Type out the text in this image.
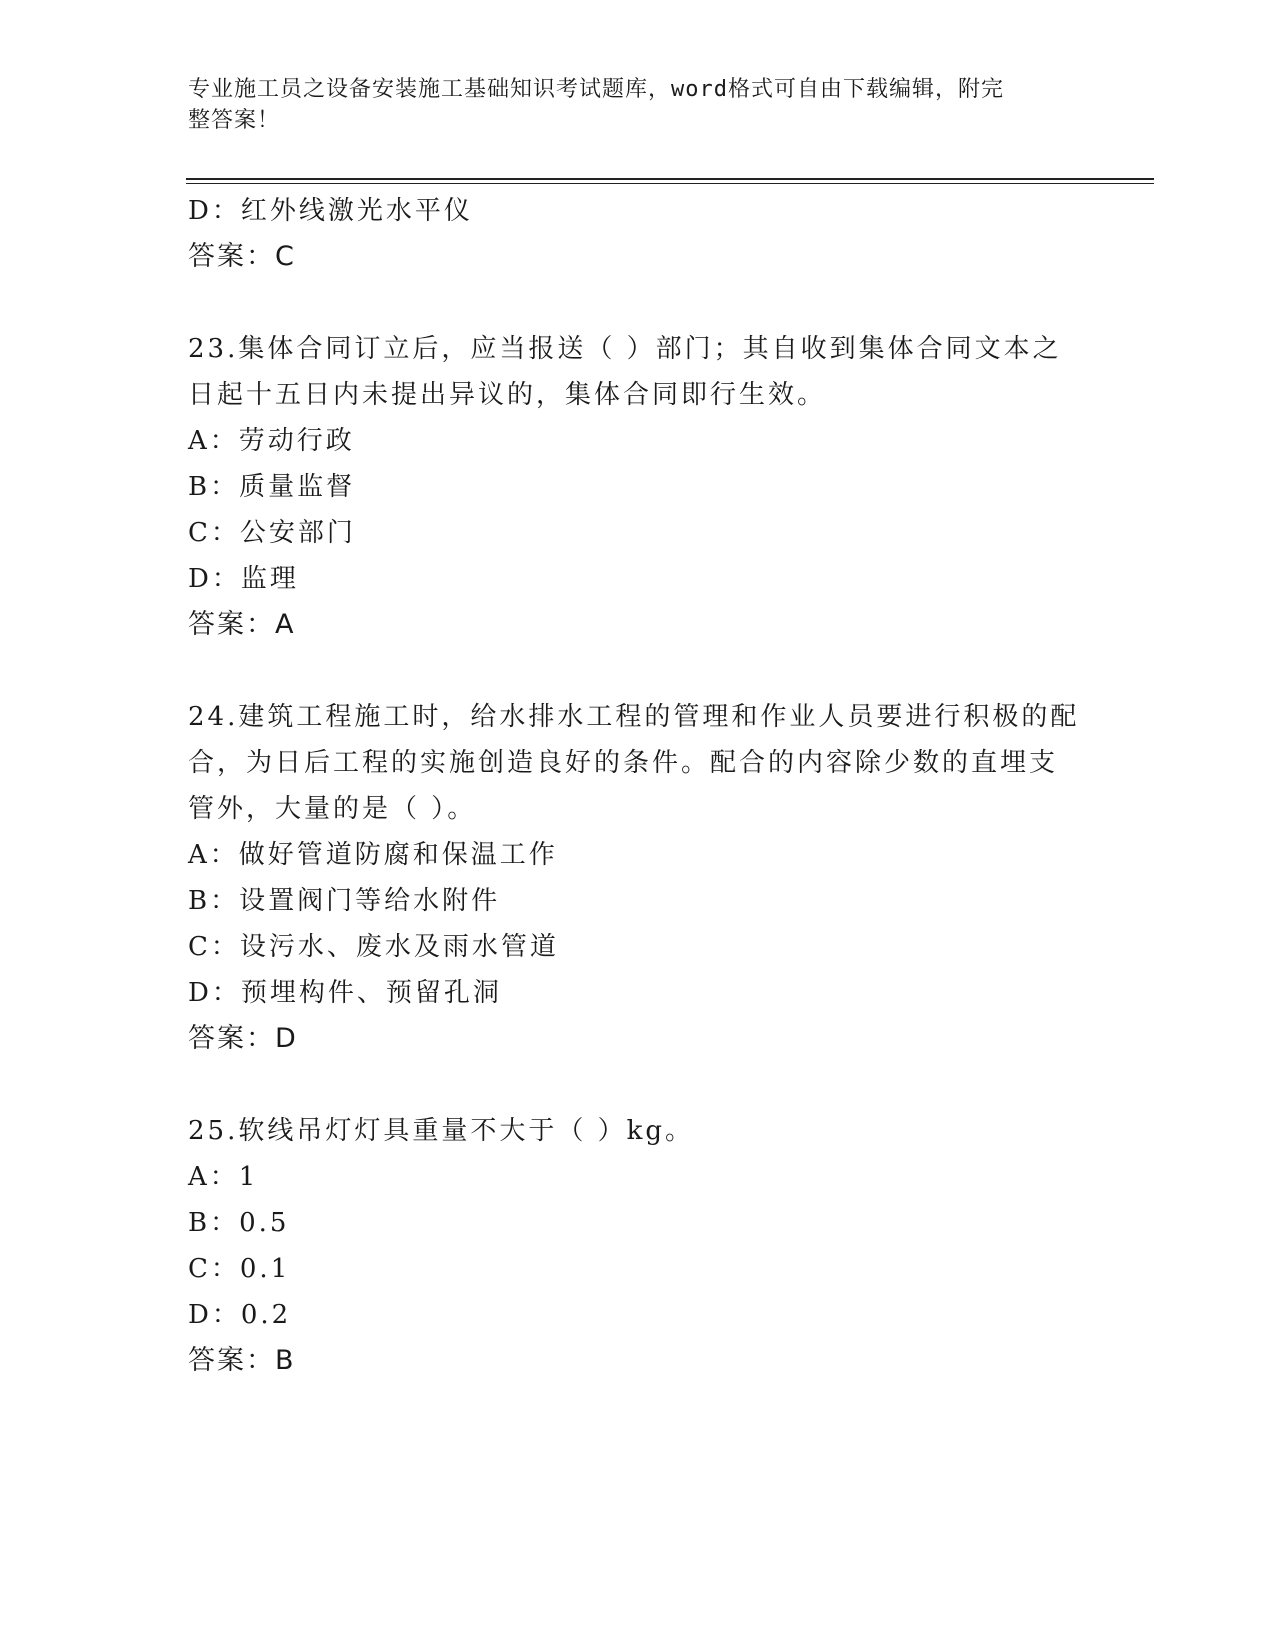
专业施工员之设备安装施工基础知识考试题库，word格式可自由下载编辑，附完
整答案！
D：红外线激光水平仪
答案：C
23.集体合同订立后，应当报送（ ）部门；其自收到集体合同文本之
日起十五日内未提出异议的，集体合同即行生效。
A：劳动行政
B：质量监督
C：公安部门
D：监理
答案：A
24.建筑工程施工时，给水排水工程的管理和作业人员要进行积极的配
合，为日后工程的实施创造良好的条件。配合的内容除少数的直埋支
管外，大量的是（ ）。
A：做好管道防腐和保温工作
B：设置阀门等给水附件
C：设污水、废水及雨水管道
D：预埋构件、预留孔洞
答案：D
25.软线吊灯灯具重量不大于（ ）kg。
A：1
B：0.5
C：0.1
D：0.2
答案：B
